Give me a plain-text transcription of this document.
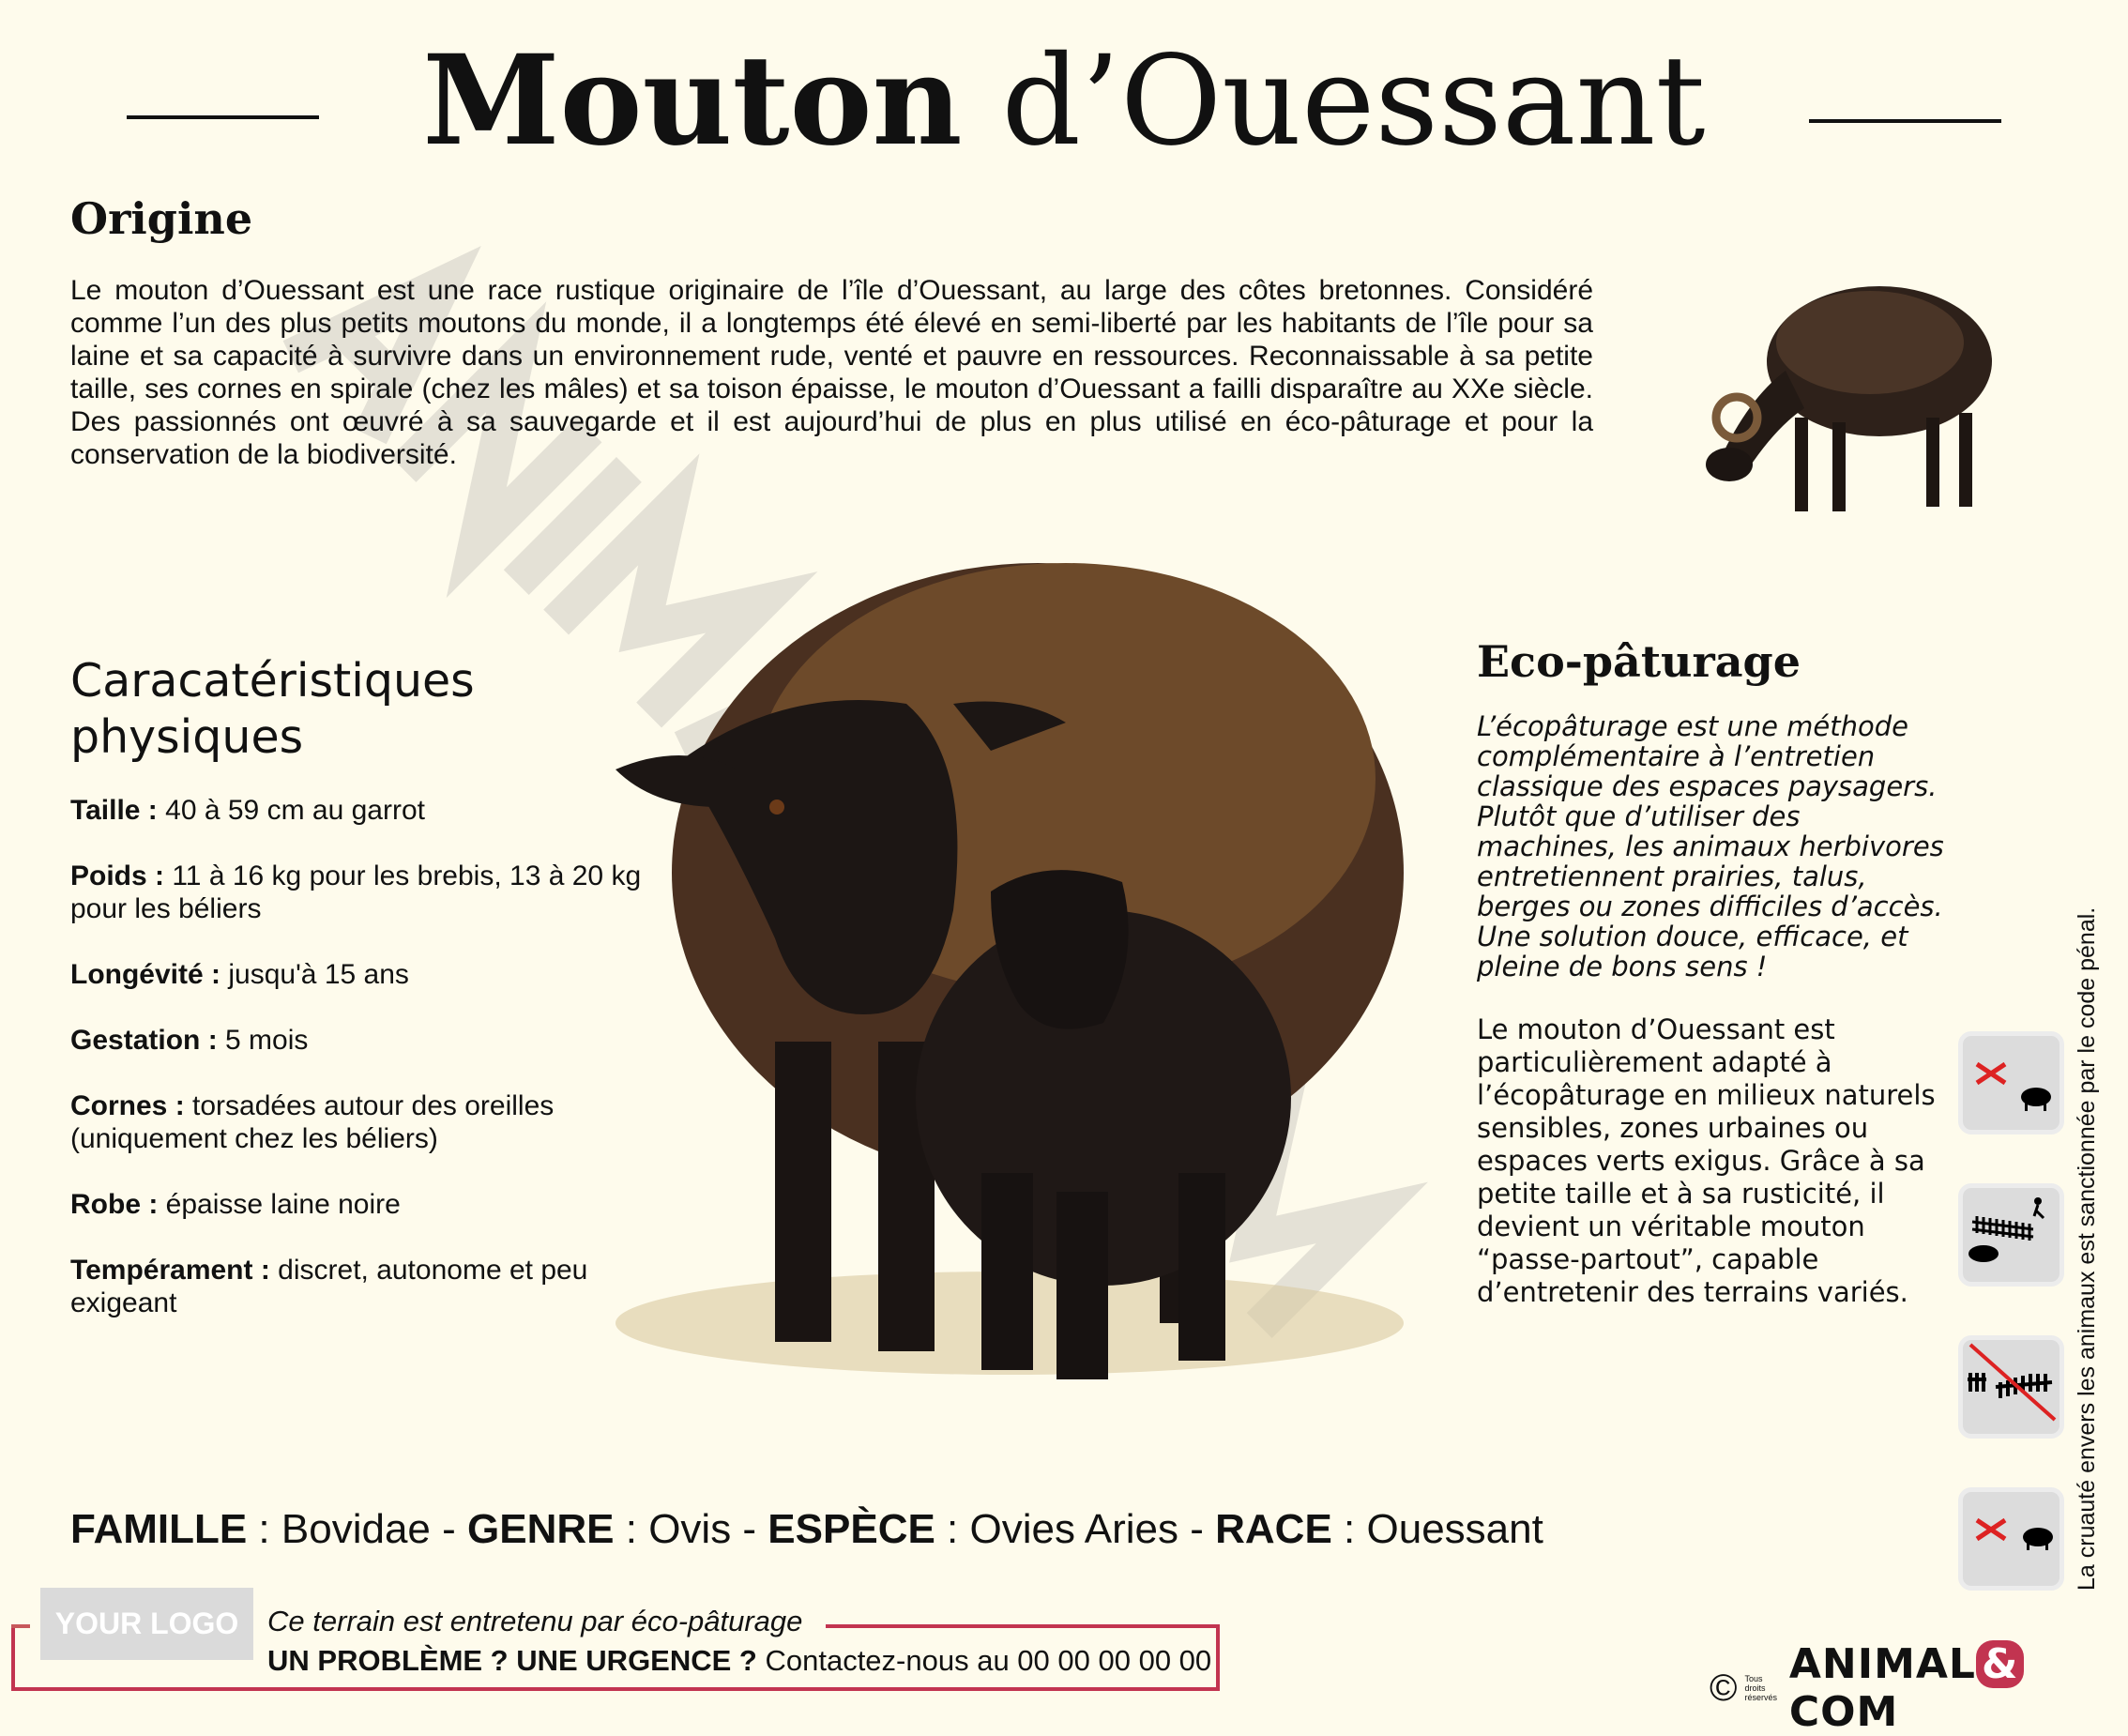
Mouton d’Ouessant
Origine

Le mouton d’Ouessant est une race rustique originaire de l’île d’Ouessant, au large des côtes bretonnes. Considéré comme l’un des plus petits moutons du monde, il a longtemps été élevé en semi-liberté par les habitants de l’île pour sa laine et sa capacité à survivre dans un environnement rude, venté et pauvre en ressources. Reconnaissable à sa petite taille, ses cornes en spirale (chez les mâles) et sa toison épaisse, le mouton d’Ouessant a failli disparaître au XXe siècle. Des passionnés ont œuvré à sa sauvegarde et il est aujourd’hui de plus en plus utilisé en éco-pâturage et pour la conservation de la biodiversité.

Caracatéristiques physiques
Taille : 40 à 59 cm au garrot
Poids : 11 à 16 kg pour les brebis, 13 à 20 kg pour les béliers
Longévité : jusqu'à 15 ans
Gestation : 5 mois
Cornes : torsadées autour des oreilles (uniquement chez les béliers)
Robe : épaisse laine noire
Tempérament : discret, autonome et peu exigeant
Eco-pâturage

L’écopâturage est une méthode complémentaire à l’entretien classique des espaces paysagers. Plutôt que d’utiliser des machines, les animaux herbivores entretiennent prairies, talus, berges ou zones difficiles d’accès. Une solution douce, efficace, et pleine de bons sens !

Le mouton d’Ouessant est particulièrement adapté à l’écopâturage en milieux naturels sensibles, zones urbaines ou espaces verts exigus. Grâce à sa petite taille et à sa rusticité, il devient un véritable mouton “passe-partout”, capable d’entretenir des terrains variés.	La cruauté envers les animaux est sanctionnée par le code pénal.
FAMILLE : Bovidae - GENRE : Ovis - ESPÈCE : Ovies Aries - RACE : Ouessant
YOUR LOGO Ce terrain est entretenu par éco-pâturage
UN PROBLÈME ? UNE URGENCE ? Contactez-nous au 00 00 00 00 00
© Tous droits réservés
ANIMAL &COM
